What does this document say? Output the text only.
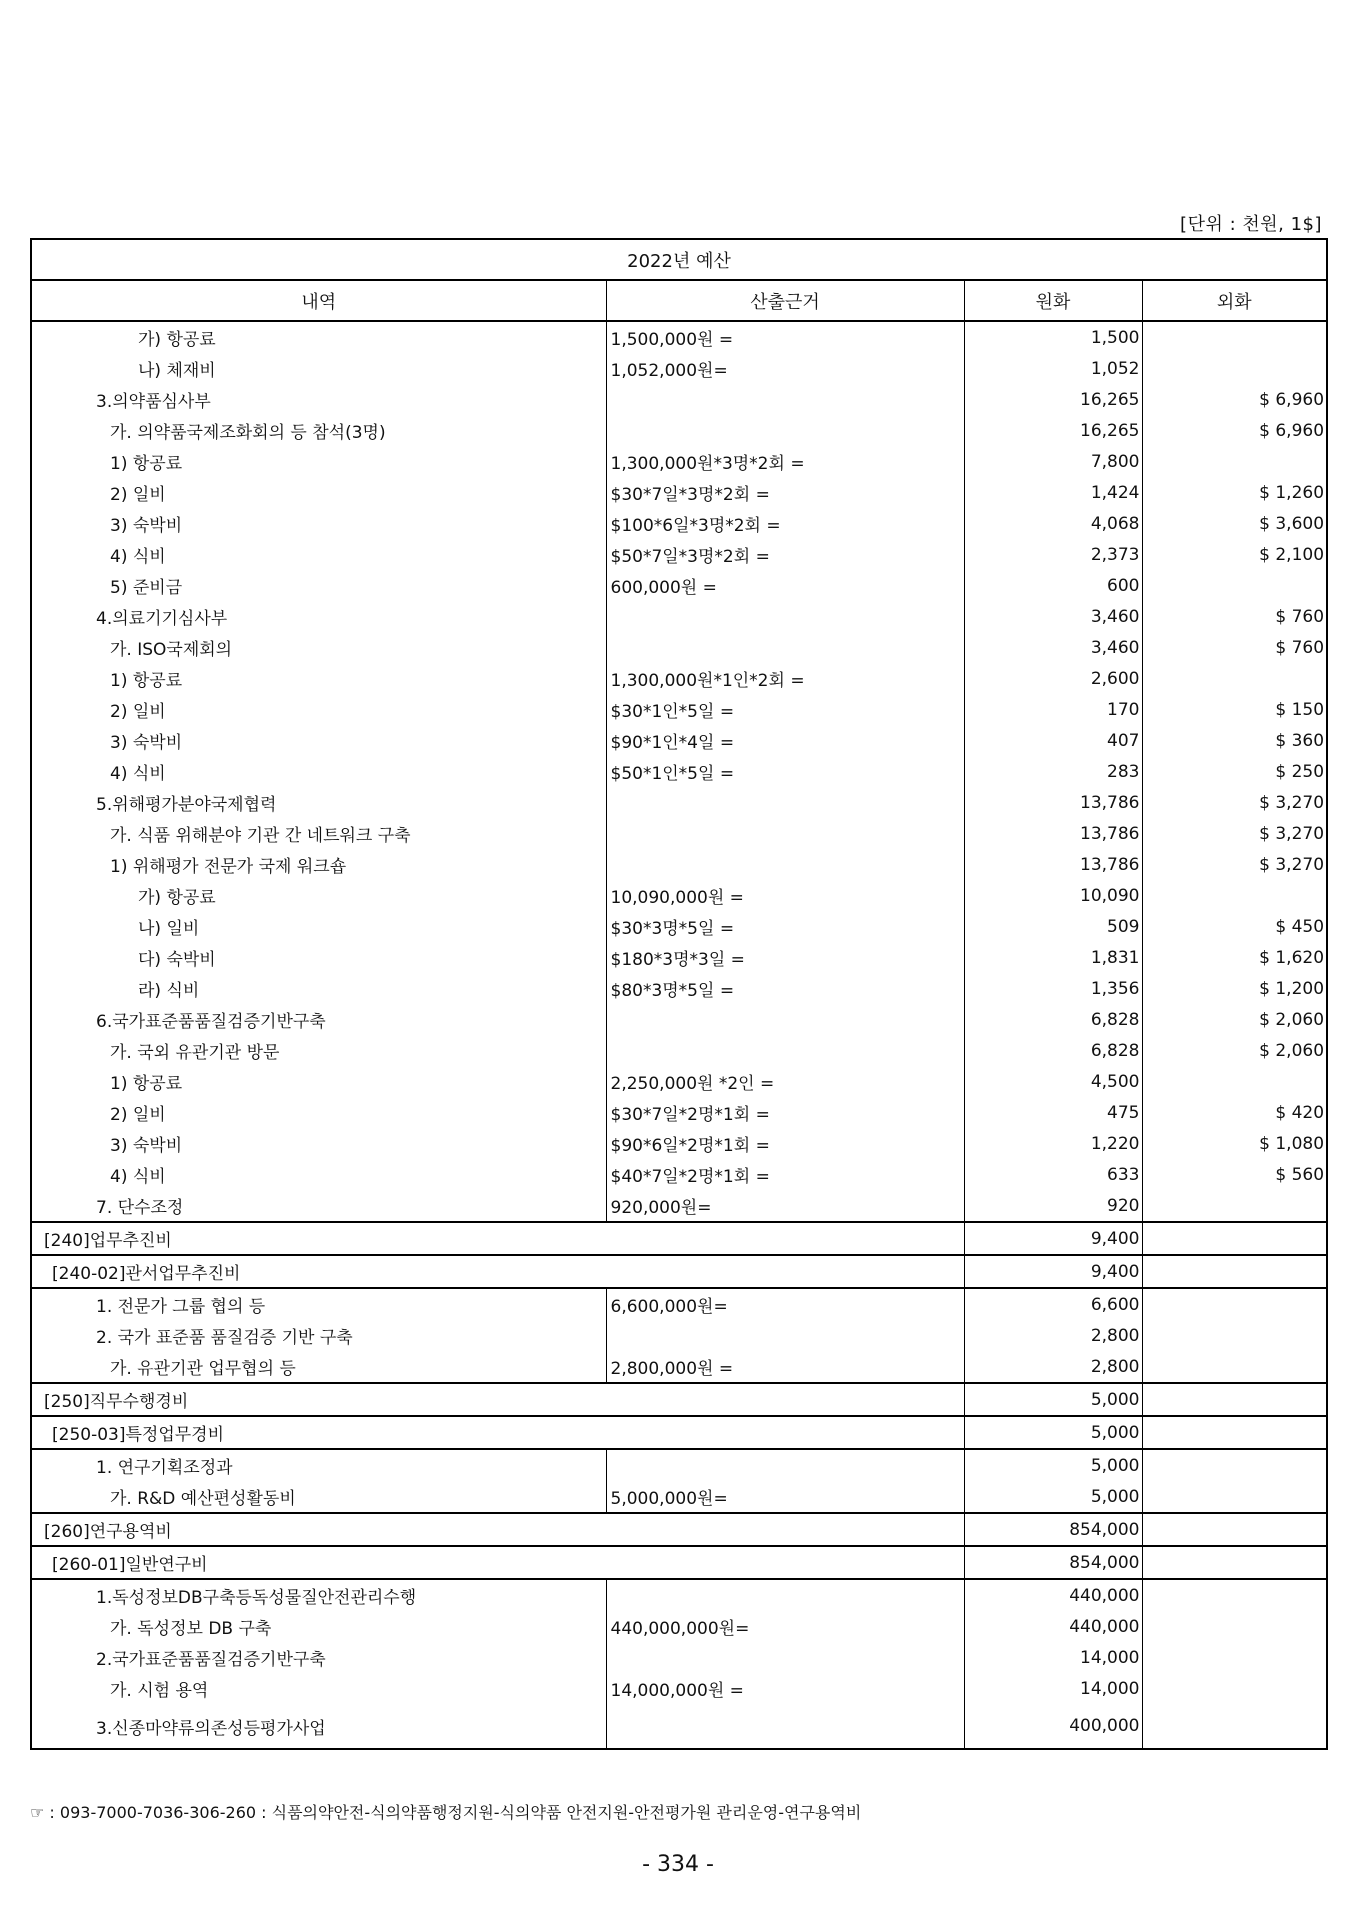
[단위 : 천원, 1$]
2022년 예산			
내역	산출근거	원화	외화
가) 항공료	1,500,000원 =	1,500	
나) 체재비	1,052,000원=	1,052	
3.의약품심사부		16,265	$ 6,960
가. 의약품국제조화회의 등 참석(3명)		16,265	$ 6,960
1) 항공료	1,300,000원*3명*2회 =	7,800	
2) 일비	$30*7일*3명*2회 =	1,424	$ 1,260
3) 숙박비	$100*6일*3명*2회 =	4,068	$ 3,600
4) 식비	$50*7일*3명*2회 =	2,373	$ 2,100
5) 준비금	600,000원 =	600	
4.의료기기심사부		3,460	$ 760
가. ISO국제회의		3,460	$ 760
1) 항공료	1,300,000원*1인*2회 =	2,600	
2) 일비	$30*1인*5일 =	170	$ 150
3) 숙박비	$90*1인*4일 =	407	$ 360
4) 식비	$50*1인*5일 =	283	$ 250
5.위해평가분야국제협력		13,786	$ 3,270
가. 식품 위해분야 기관 간 네트워크 구축		13,786	$ 3,270
1) 위해평가 전문가 국제 워크숍		13,786	$ 3,270
가) 항공료	10,090,000원 =	10,090	
나) 일비	$30*3명*5일 =	509	$ 450
다) 숙박비	$180*3명*3일 =	1,831	$ 1,620
라) 식비	$80*3명*5일 =	1,356	$ 1,200
6.국가표준품품질검증기반구축		6,828	$ 2,060
가. 국외 유관기관 방문		6,828	$ 2,060
1) 항공료	2,250,000원 *2인 =	4,500	
2) 일비	$30*7일*2명*1회 =	475	$ 420
3) 숙박비	$90*6일*2명*1회 =	1,220	$ 1,080
4) 식비	$40*7일*2명*1회 =	633	$ 560
7. 단수조정	920,000원=	920	
[240]업무추진비		9,400	
[240-02]관서업무추진비		9,400	
1. 전문가 그룹 협의 등	6,600,000원=	6,600	
2. 국가 표준품 품질검증 기반 구축		2,800	
가. 유관기관 업무협의 등	2,800,000원 =	2,800	
[250]직무수행경비		5,000	
[250-03]특정업무경비		5,000	
1. 연구기획조정과		5,000	
가. R&D 예산편성활동비	5,000,000원=	5,000	
[260]연구용역비		854,000	
[260-01]일반연구비		854,000	
1.독성정보DB구축등독성물질안전관리수행		440,000	
가. 독성정보 DB 구축	440,000,000원=	440,000	
2.국가표준품품질검증기반구축		14,000	
가. 시험 용역	14,000,000원 =	14,000	
3.신종마약류의존성등평가사업		400,000	
☞ : 093-7000-7036-306-260 : 식품의약안전-식의약품행정지원-식의약품 안전지원-안전평가원 관리운영-연구용역비
- 334 -
